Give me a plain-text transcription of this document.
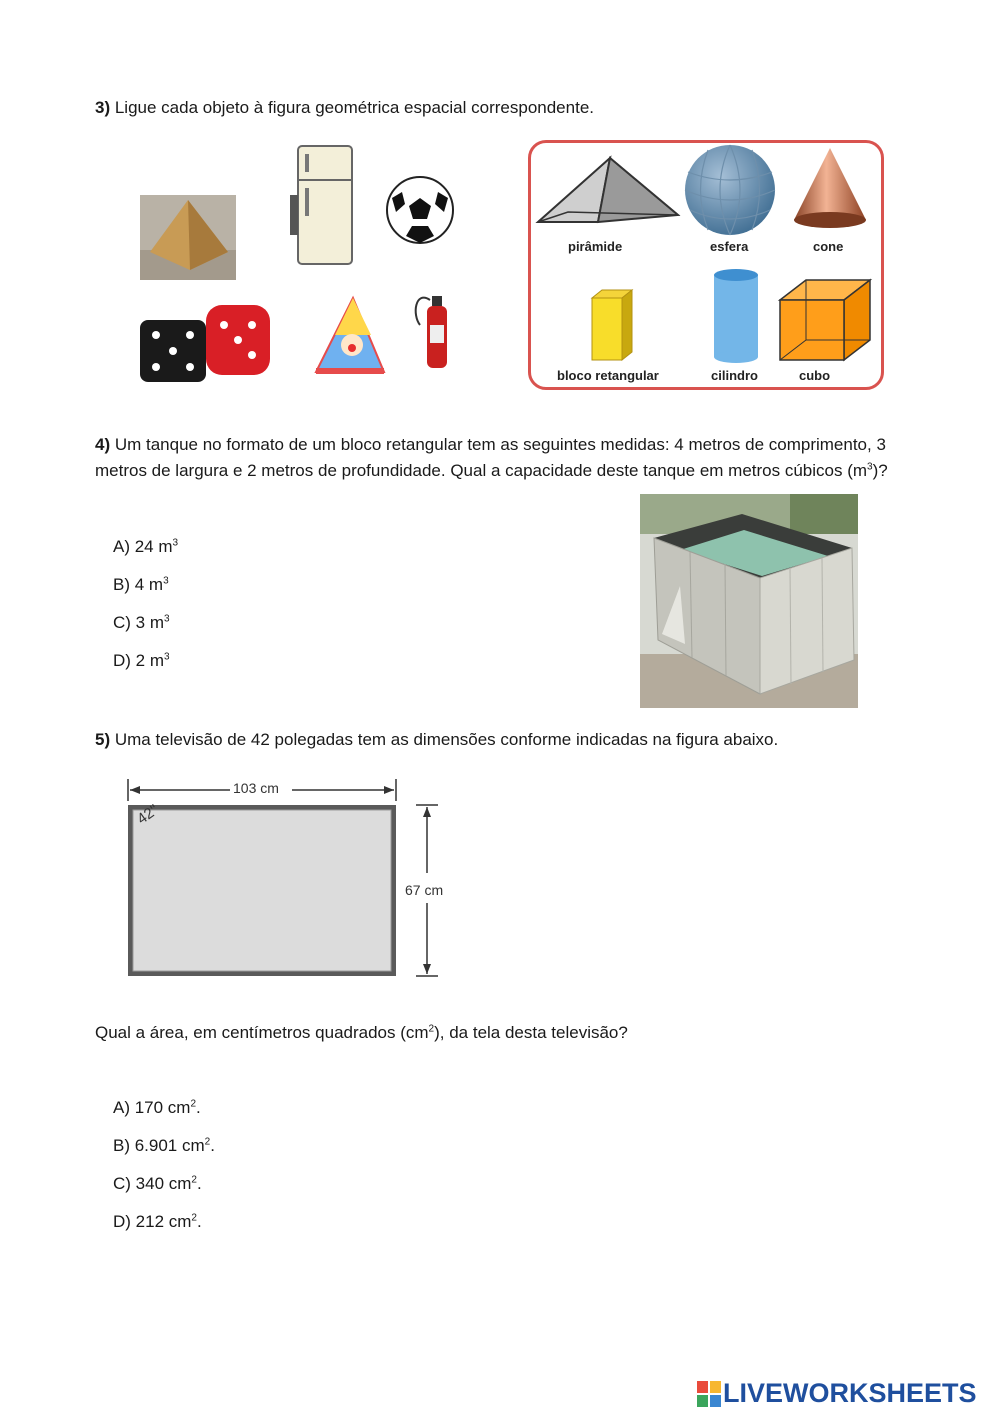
3) Ligue cada objeto à figura geométrica espacial correspondente.
pirâmide	esfera	cone
bloco retangular	cilindro	cubo
4) Um tanque no formato de um bloco retangular tem as seguintes medidas: 4 metros de comprimento, 3
metros de largura e 2 metros de profundidade. Qual a capacidade deste tanque em metros cúbicos $(m^3)$?
A) 24 $m^3$
B) 4 $m^3$
C) 3 $m^3$
D) 2 $m^3$
5) Uma televisão de 42 polegadas tem as dimensões conforme indicadas na figura abaixo.
103 cm
67 cm
42"
Qual a área, em centímetros quadrados $(cm^2)$, da tela desta televisão?
A) 170 $cm^2$.
B) 6.901 $cm^2$.
C) 340 $cm^2$.
D) 212 $cm^2$.
LIVEWORKSHEETS
